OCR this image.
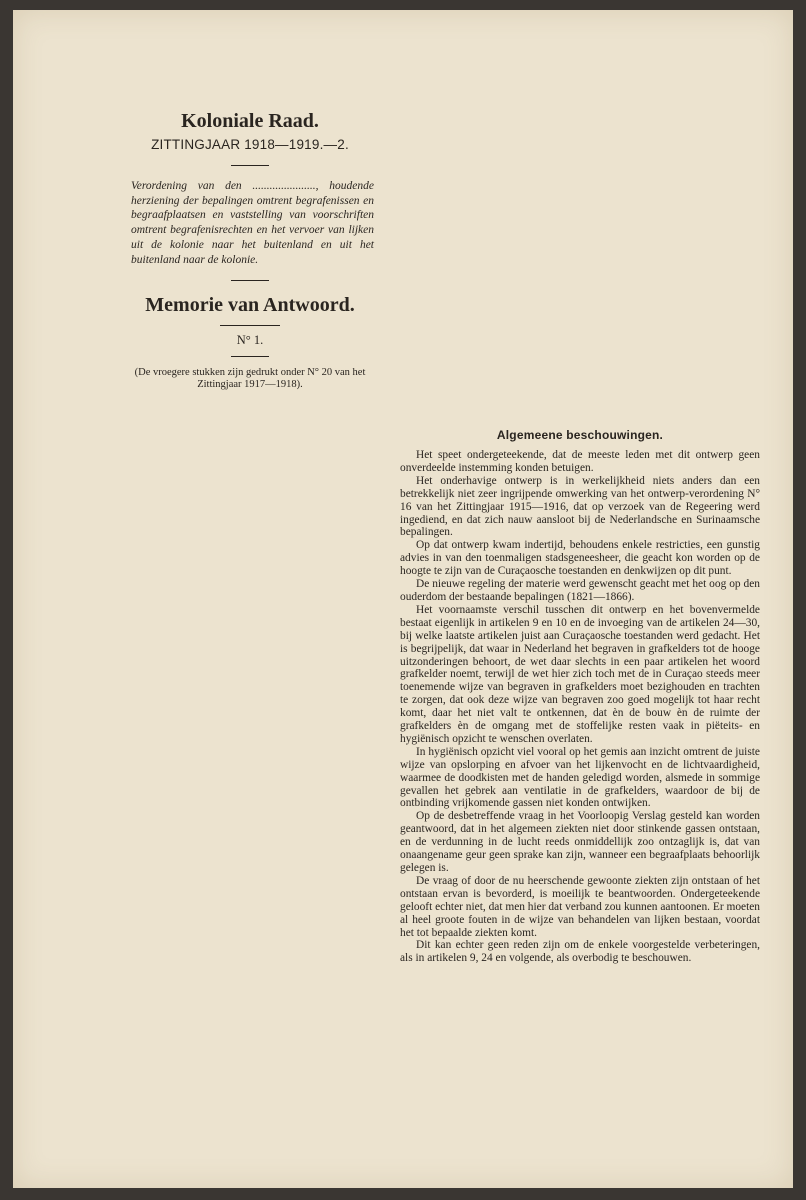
Koloniale Raad.
ZITTINGJAAR 1918—1919.—2.
Verordening van den ......................, houdende herziening der bepalingen omtrent begrafenissen en begraafplaatsen en vaststelling van voorschriften omtrent begrafenisrechten en het vervoer van lijken uit de kolonie naar het buitenland en uit het buitenland naar de kolonie.
Memorie van Antwoord.
N° 1.
(De vroegere stukken zijn gedrukt onder N° 20 van het Zittingjaar 1917—1918).
Algemeene beschouwingen.

Het speet ondergeteekende, dat de meeste leden met dit ontwerp geen onverdeelde instemming konden betuigen.

Het onderhavige ontwerp is in werkelijkheid niets anders dan een betrekkelijk niet zeer ingrijpende omwerking van het ontwerp-verordening N° 16 van het Zittingjaar 1915—1916, dat op verzoek van de Regeering werd ingediend, en dat zich nauw aansloot bij de Nederlandsche en Surinaamsche bepalingen.

Op dat ontwerp kwam indertijd, behoudens enkele restricties, een gunstig advies in van den toenmaligen stadsgeneesheer, die geacht kon worden op de hoogte te zijn van de Curaçaosche toestanden en denkwijzen op dit punt.

De nieuwe regeling der materie werd gewenscht geacht met het oog op den ouderdom der bestaande bepalingen (1821—1866).

Het voornaamste verschil tusschen dit ontwerp en het bovenvermelde bestaat eigenlijk in artikelen 9 en 10 en de invoeging van de artikelen 24—30, bij welke laatste artikelen juist aan Curaçaosche toestanden werd gedacht. Het is begrijpelijk, dat waar in Nederland het begraven in grafkelders tot de hooge uitzonderingen behoort, de wet daar slechts in een paar artikelen het woord grafkelder noemt, terwijl de wet hier zich toch met de in Curaçao steeds meer toenemende wijze van begraven in grafkelders moet bezighouden en trachten te zorgen, dat ook deze wijze van begraven zoo goed mogelijk tot haar recht komt, daar het niet valt te ontkennen, dat èn de bouw èn de ruimte der grafkelders èn de omgang met de stoffelijke resten vaak in piëteits- en hygiënisch opzicht te wenschen overlaten.

In hygiënisch opzicht viel vooral op het gemis aan inzicht omtrent de juiste wijze van opslorping en afvoer van het lijkenvocht en de lichtvaardigheid, waarmee de doodkisten met de handen geledigd worden, alsmede in sommige gevallen het gebrek aan ventilatie in de grafkelders, waardoor de bij de ontbinding vrijkomende gassen niet konden ontwijken.

Op de desbetreffende vraag in het Voorloopig Verslag gesteld kan worden geantwoord, dat in het algemeen ziekten niet door stinkende gassen ontstaan, en de verdunning in de lucht reeds onmiddellijk zoo ontzaglijk is, dat van onaangename geur geen sprake kan zijn, wanneer een begraafplaats behoorlijk gelegen is.

De vraag of door de nu heerschende gewoonte ziekten zijn ontstaan of het ontstaan ervan is bevorderd, is moeilijk te beantwoorden. Ondergeteekende gelooft echter niet, dat men hier dat verband zou kunnen aantoonen. Er moeten al heel groote fouten in de wijze van behandelen van lijken bestaan, voordat het tot bepaalde ziekten komt.

Dit kan echter geen reden zijn om de enkele voorgestelde verbeteringen, als in artikelen 9, 24 en volgende, als overbodig te beschouwen.
